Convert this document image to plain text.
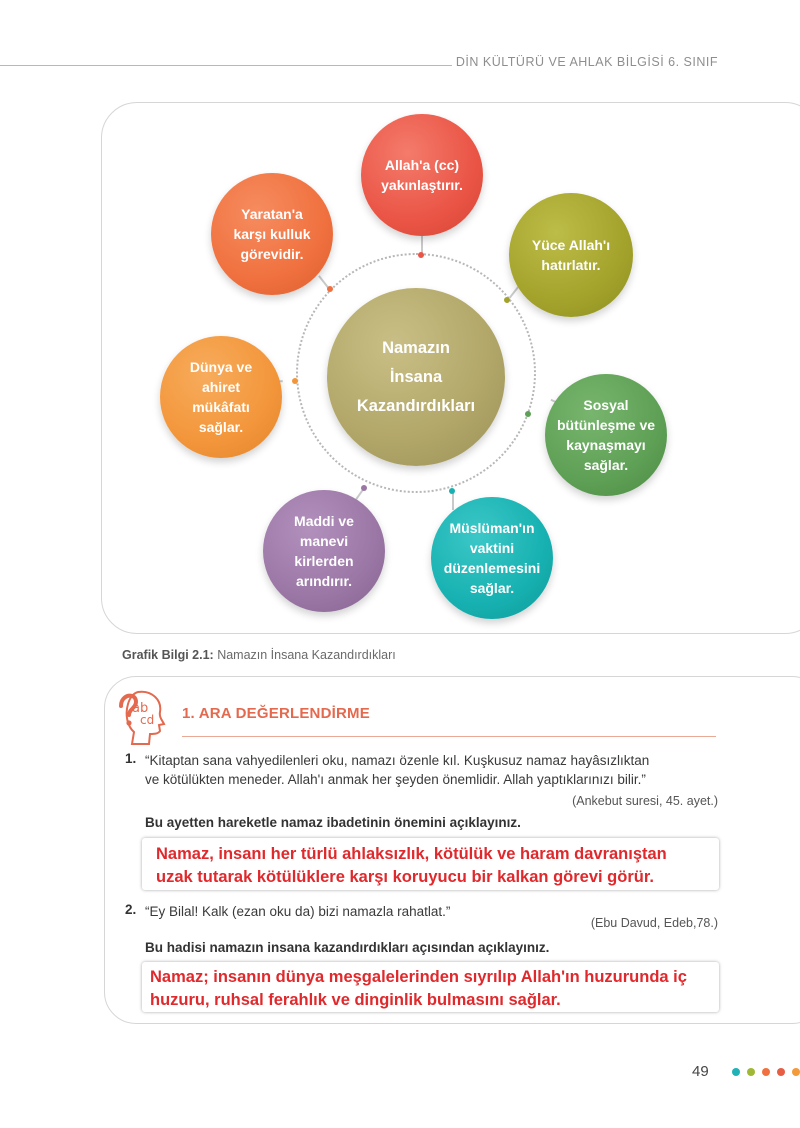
DİN KÜLTÜRÜ VE AHLAK BİLGİSİ 6. SINIF
Namazın
İnsana
Kazandırdıkları
Allah'a (cc)
yakınlaştırır.
Yüce Allah'ı
hatırlatır.
Sosyal
bütünleşme ve
kaynaşmayı
sağlar.
Müslüman'ın
vaktini
düzenlemesini
sağlar.
Maddi ve
manevi
kirlerden
arındırır.
Dünya ve
ahiret
mükâfatı
sağlar.
Yaratan'a
karşı kulluk
görevidir.
Grafik Bilgi 2.1: Namazın İnsana Kazandırdıkları
ab
cd 1. ARA DEĞERLENDİRME
1. “Kitaptan sana vahyedilenleri oku, namazı özenle kıl. Kuşkusuz namaz hayâsızlıktan
ve kötülükten meneder. Allah'ı anmak her şeyden önemlidir. Allah yaptıklarınızı bilir.”
(Ankebut suresi, 45. ayet.)
Bu ayetten hareketle namaz ibadetinin önemini açıklayınız.
Namaz, insanı her türlü ahlaksızlık, kötülük ve haram davranıştan
uzak tutarak kötülüklere karşı koruyucu bir kalkan görevi görür.
2. “Ey Bilal! Kalk (ezan oku da) bizi namazla rahatlat.”
(Ebu Davud, Edeb,78.)
Bu hadisi namazın insana kazandırdıkları açısından açıklayınız.
Namaz; insanın dünya meşgalelerinden sıyrılıp Allah'ın huzurunda iç
huzuru, ruhsal ferahlık ve dinginlik bulmasını sağlar.
49
